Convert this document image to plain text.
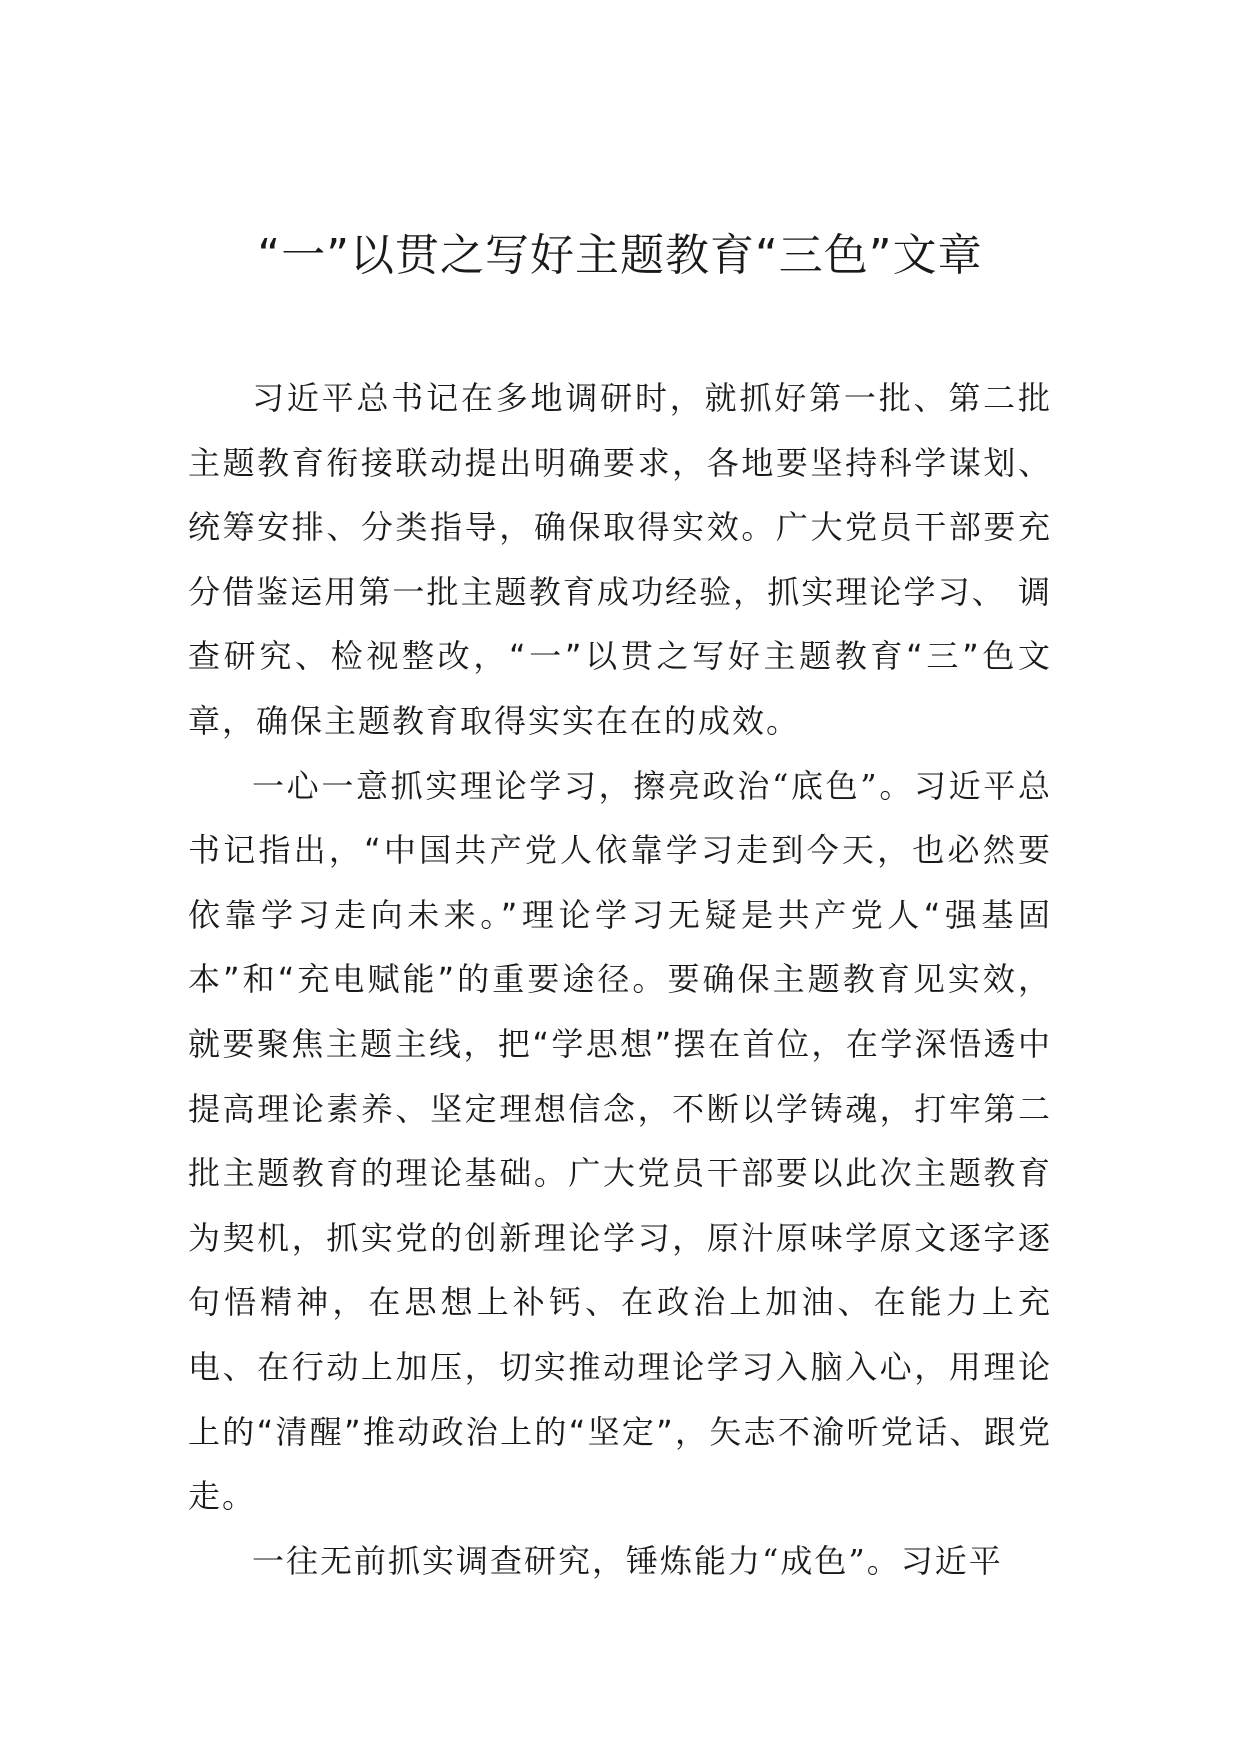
“一”以贯之写好主题教育“三色”文章

习近平总书记在多地调研时，就抓好第一批、第二批主题教育衔接联动提出明确要求，各地要坚持科学谋划、统筹安排、分类指导，确保取得实效。广大党员干部要充分借鉴运用第一批主题教育成功经验，抓实理论学习、 调查研究、检视整改，“一”以贯之写好主题教育“三”色文章，确保主题教育取得实实在在的成效。

一心一意抓实理论学习，擦亮政治“底色”。习近平总书记指出，“中国共产党人依靠学习走到今天，也必然要依靠学习走向未来。”理论学习无疑是共产党人“强基固本”和“充电赋能”的重要途径。要确保主题教育见实效，就要聚焦主题主线，把“学思想”摆在首位，在学深悟透中提高理论素养、坚定理想信念，不断以学铸魂，打牢第二批主题教育的理论基础。广大党员干部要以此次主题教育为契机，抓实党的创新理论学习，原汁原味学原文逐字逐句悟精神，在思想上补钙、在政治上加油、在能力上充电、在行动上加压，切实推动理论学习入脑入心，用理论上的“清醒”推动政治上的“坚定”，矢志不渝听党话、跟党走。

一往无前抓实调查研究，锤炼能力“成色”。习近平
